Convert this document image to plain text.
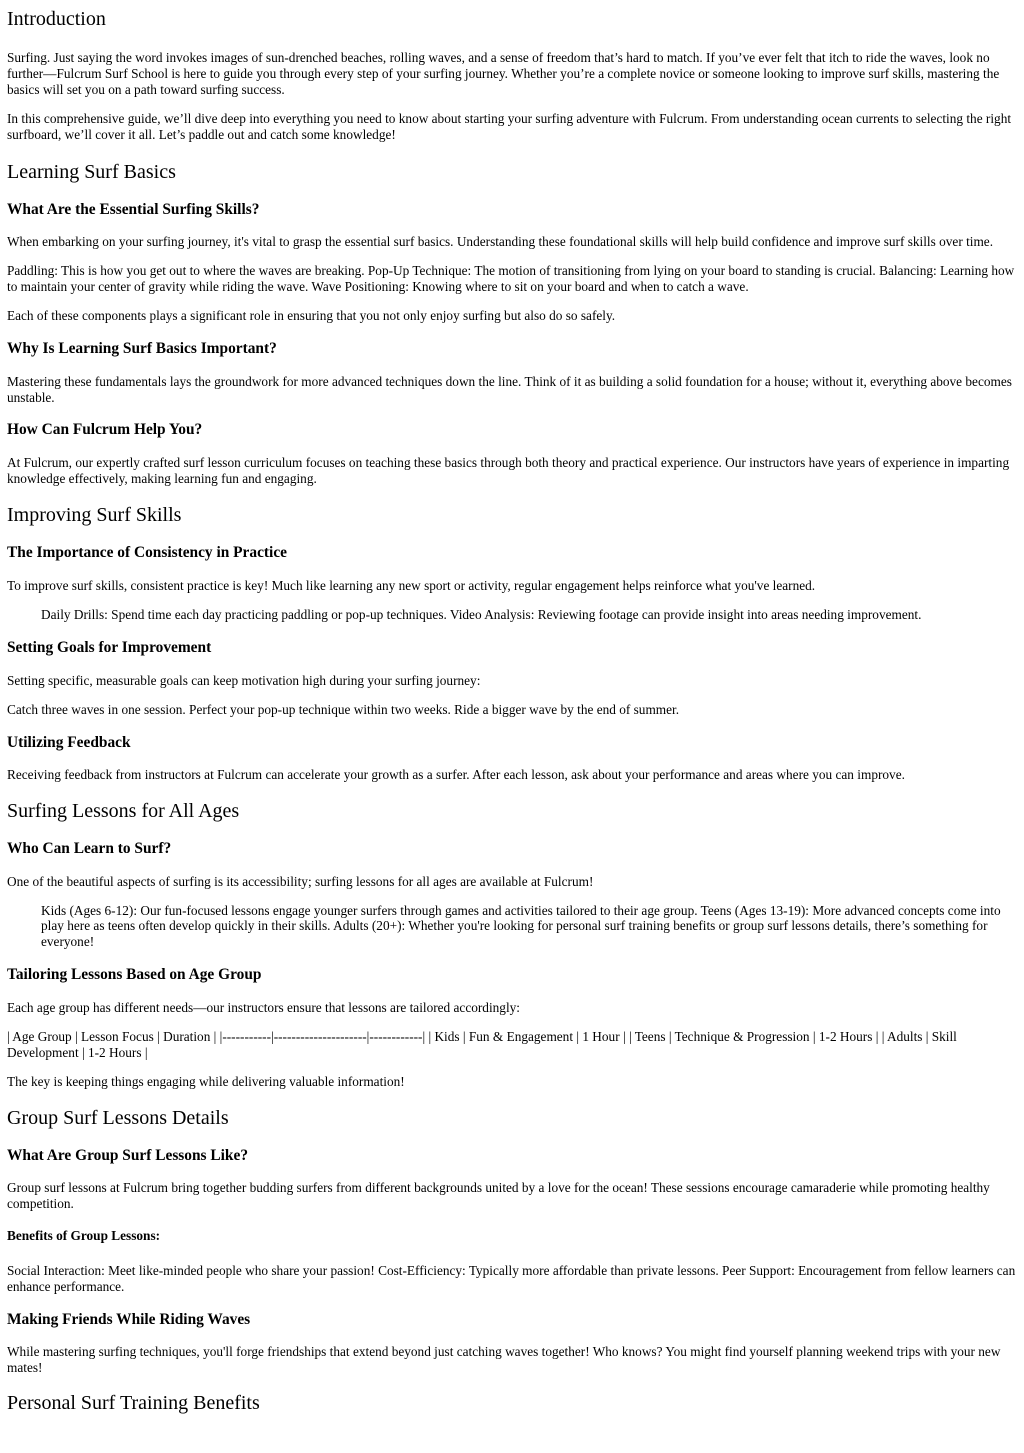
Introduction

Surfing. Just saying the word invokes images of sun-drenched beaches, rolling waves, and a sense of freedom that’s hard to match. If you’ve ever felt that itch to ride the waves, look no further—Fulcrum Surf School is here to guide you through every step of your surfing journey. Whether you’re a complete novice or someone looking to improve surf skills, mastering the basics will set you on a path toward surfing success.

In this comprehensive guide, we’ll dive deep into everything you need to know about starting your surfing adventure with Fulcrum. From understanding ocean currents to selecting the right surfboard, we’ll cover it all. Let’s paddle out and catch some knowledge!

Learning Surf Basics
What Are the Essential Surfing Skills?

When embarking on your surfing journey, it's vital to grasp the essential surf basics. Understanding these foundational skills will help build confidence and improve surf skills over time.

Paddling: This is how you get out to where the waves are breaking. Pop-Up Technique: The motion of transitioning from lying on your board to standing is crucial. Balancing: Learning how to maintain your center of gravity while riding the wave. Wave Positioning: Knowing where to sit on your board and when to catch a wave.

Each of these components plays a significant role in ensuring that you not only enjoy surfing but also do so safely.

Why Is Learning Surf Basics Important?

Mastering these fundamentals lays the groundwork for more advanced techniques down the line. Think of it as building a solid foundation for a house; without it, everything above becomes unstable.

How Can Fulcrum Help You?

At Fulcrum, our expertly crafted surf lesson curriculum focuses on teaching these basics through both theory and practical experience. Our instructors have years of experience in imparting knowledge effectively, making learning fun and engaging.

Improving Surf Skills
The Importance of Consistency in Practice

To improve surf skills, consistent practice is key! Much like learning any new sport or activity, regular engagement helps reinforce what you've learned.

Daily Drills: Spend time each day practicing paddling or pop-up techniques. Video Analysis: Reviewing footage can provide insight into areas needing improvement.
Setting Goals for Improvement

Setting specific, measurable goals can keep motivation high during your surfing journey:

Catch three waves in one session. Perfect your pop-up technique within two weeks. Ride a bigger wave by the end of summer.

Utilizing Feedback

Receiving feedback from instructors at Fulcrum can accelerate your growth as a surfer. After each lesson, ask about your performance and areas where you can improve.

Surfing Lessons for All Ages
Who Can Learn to Surf?

One of the beautiful aspects of surfing is its accessibility; surfing lessons for all ages are available at Fulcrum!

Kids (Ages 6-12): Our fun-focused lessons engage younger surfers through games and activities tailored to their age group. Teens (Ages 13-19): More advanced concepts come into play here as teens often develop quickly in their skills. Adults (20+): Whether you're looking for personal surf training benefits or group surf lessons details, there’s something for everyone!
Tailoring Lessons Based on Age Group

Each age group has different needs—our instructors ensure that lessons are tailored accordingly:

| Age Group | Lesson Focus | Duration | |-----------|---------------------|------------| | Kids | Fun & Engagement | 1 Hour | | Teens | Technique & Progression | 1-2 Hours | | Adults | Skill Development | 1-2 Hours |

The key is keeping things engaging while delivering valuable information!

Group Surf Lessons Details
What Are Group Surf Lessons Like?

Group surf lessons at Fulcrum bring together budding surfers from different backgrounds united by a love for the ocean! These sessions encourage camaraderie while promoting healthy competition.

Benefits of Group Lessons:

Social Interaction: Meet like-minded people who share your passion! Cost-Efficiency: Typically more affordable than private lessons. Peer Support: Encouragement from fellow learners can enhance performance.

Making Friends While Riding Waves

While mastering surfing techniques, you'll forge friendships that extend beyond just catching waves together! Who knows? You might find yourself planning weekend trips with your new mates!

Personal Surf Training Benefits
